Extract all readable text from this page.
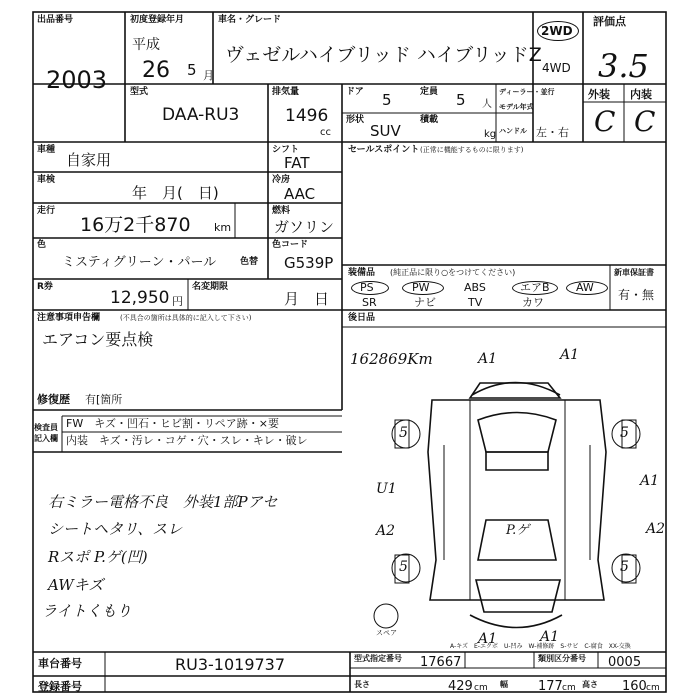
出品番号
2003
初度登録年月
平成
26 5 月
車名・グレード
ヴェゼルハイブリッド ハイブリッドZ
2WD
4WD
評価点
3.5
外装 内装
C C
型式
DAA-RU3
排気量
1496
cc
ドア 5	定員 5 人
形状
SUV
積載
kg
ディーラー・並行
モデル年式
ハンドル 左・右
車種
自家用
車検
年　月(　日)
走行
16万2千870 km
色
ミスティグリーン・パール	色替
色コード
G539P
R券
12,950 円
名変期限
月　日
シフト
FAT
冷房
AAC
燃料
ガソリン
注意事項申告欄	(不具合の箇所は具体的に記入して下さい)
エアコン要点検
修復歴 有[箇所
セールスポイント (正常に機能するものに限ります)
装備品 (純正品に限り○をつけてください)
PS	PW	ABS	エアB AW
SR	ナビ	TV	カワ
新車保証書
有・無
後日品
検査員記入欄
FW　キズ・凹石・ヒビ割・リペア跡・×要
内装　キズ・汚レ・コゲ・穴・スレ・キレ・破レ
162869Km
右ミラー電格不良　外装1部Pアセ
シートヘタリ、スレ
Rスポ P.ゲ(凹)
AWキズ
ライトくもり
A1	A1
5	5
U1	A1
A2	A2
P.ゲ
5	5
A1	A1
スペア
A-キズ　E-エクボ　U-凹み　W-補修跡　S-サビ　C-腐食　XX-交換
車台番号	RU3-1019737
登録番号
型式指定番号 17667	類別区分番号 0005
長さ	429 cm 幅 177 cm 高さ 160 cm
